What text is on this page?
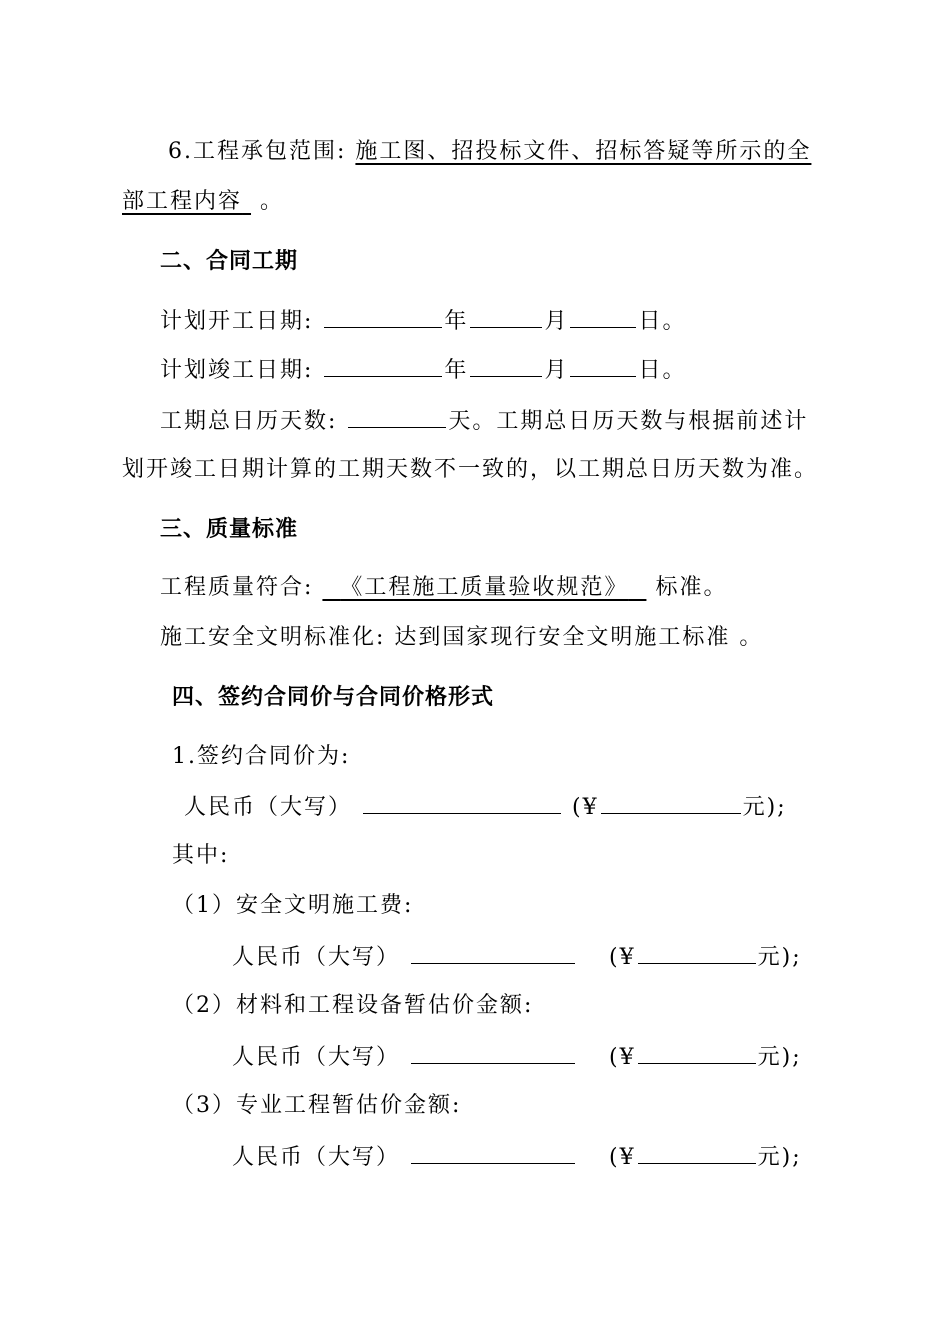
6.工程承包范围: 施工图、招投标文件、招标答疑等所示的全
部工程内容 。
二、合同工期
计划开工日期:	年	月	日。
计划竣工日期:	年	月	日。
工期总日历天数:	天。工期总日历天数与根据前述计
划开竣工日期计算的工期天数不一致的，以工期总日历天数为准。
三、质量标准
工程质量符合: 《工程施工质量验收规范》 标准。
施工安全文明标准化: 达到国家现行安全文明施工标准 。
四、签约合同价与合同价格形式
1.签约合同价为:
人民币（大写）	(¥	元);
其中:
（1）安全文明施工费:
人民币（大写）	(¥	元);
（2）材料和工程设备暂估价金额:
人民币（大写）	(¥	元);
（3）专业工程暂估价金额:
人民币（大写）	(¥	元);
